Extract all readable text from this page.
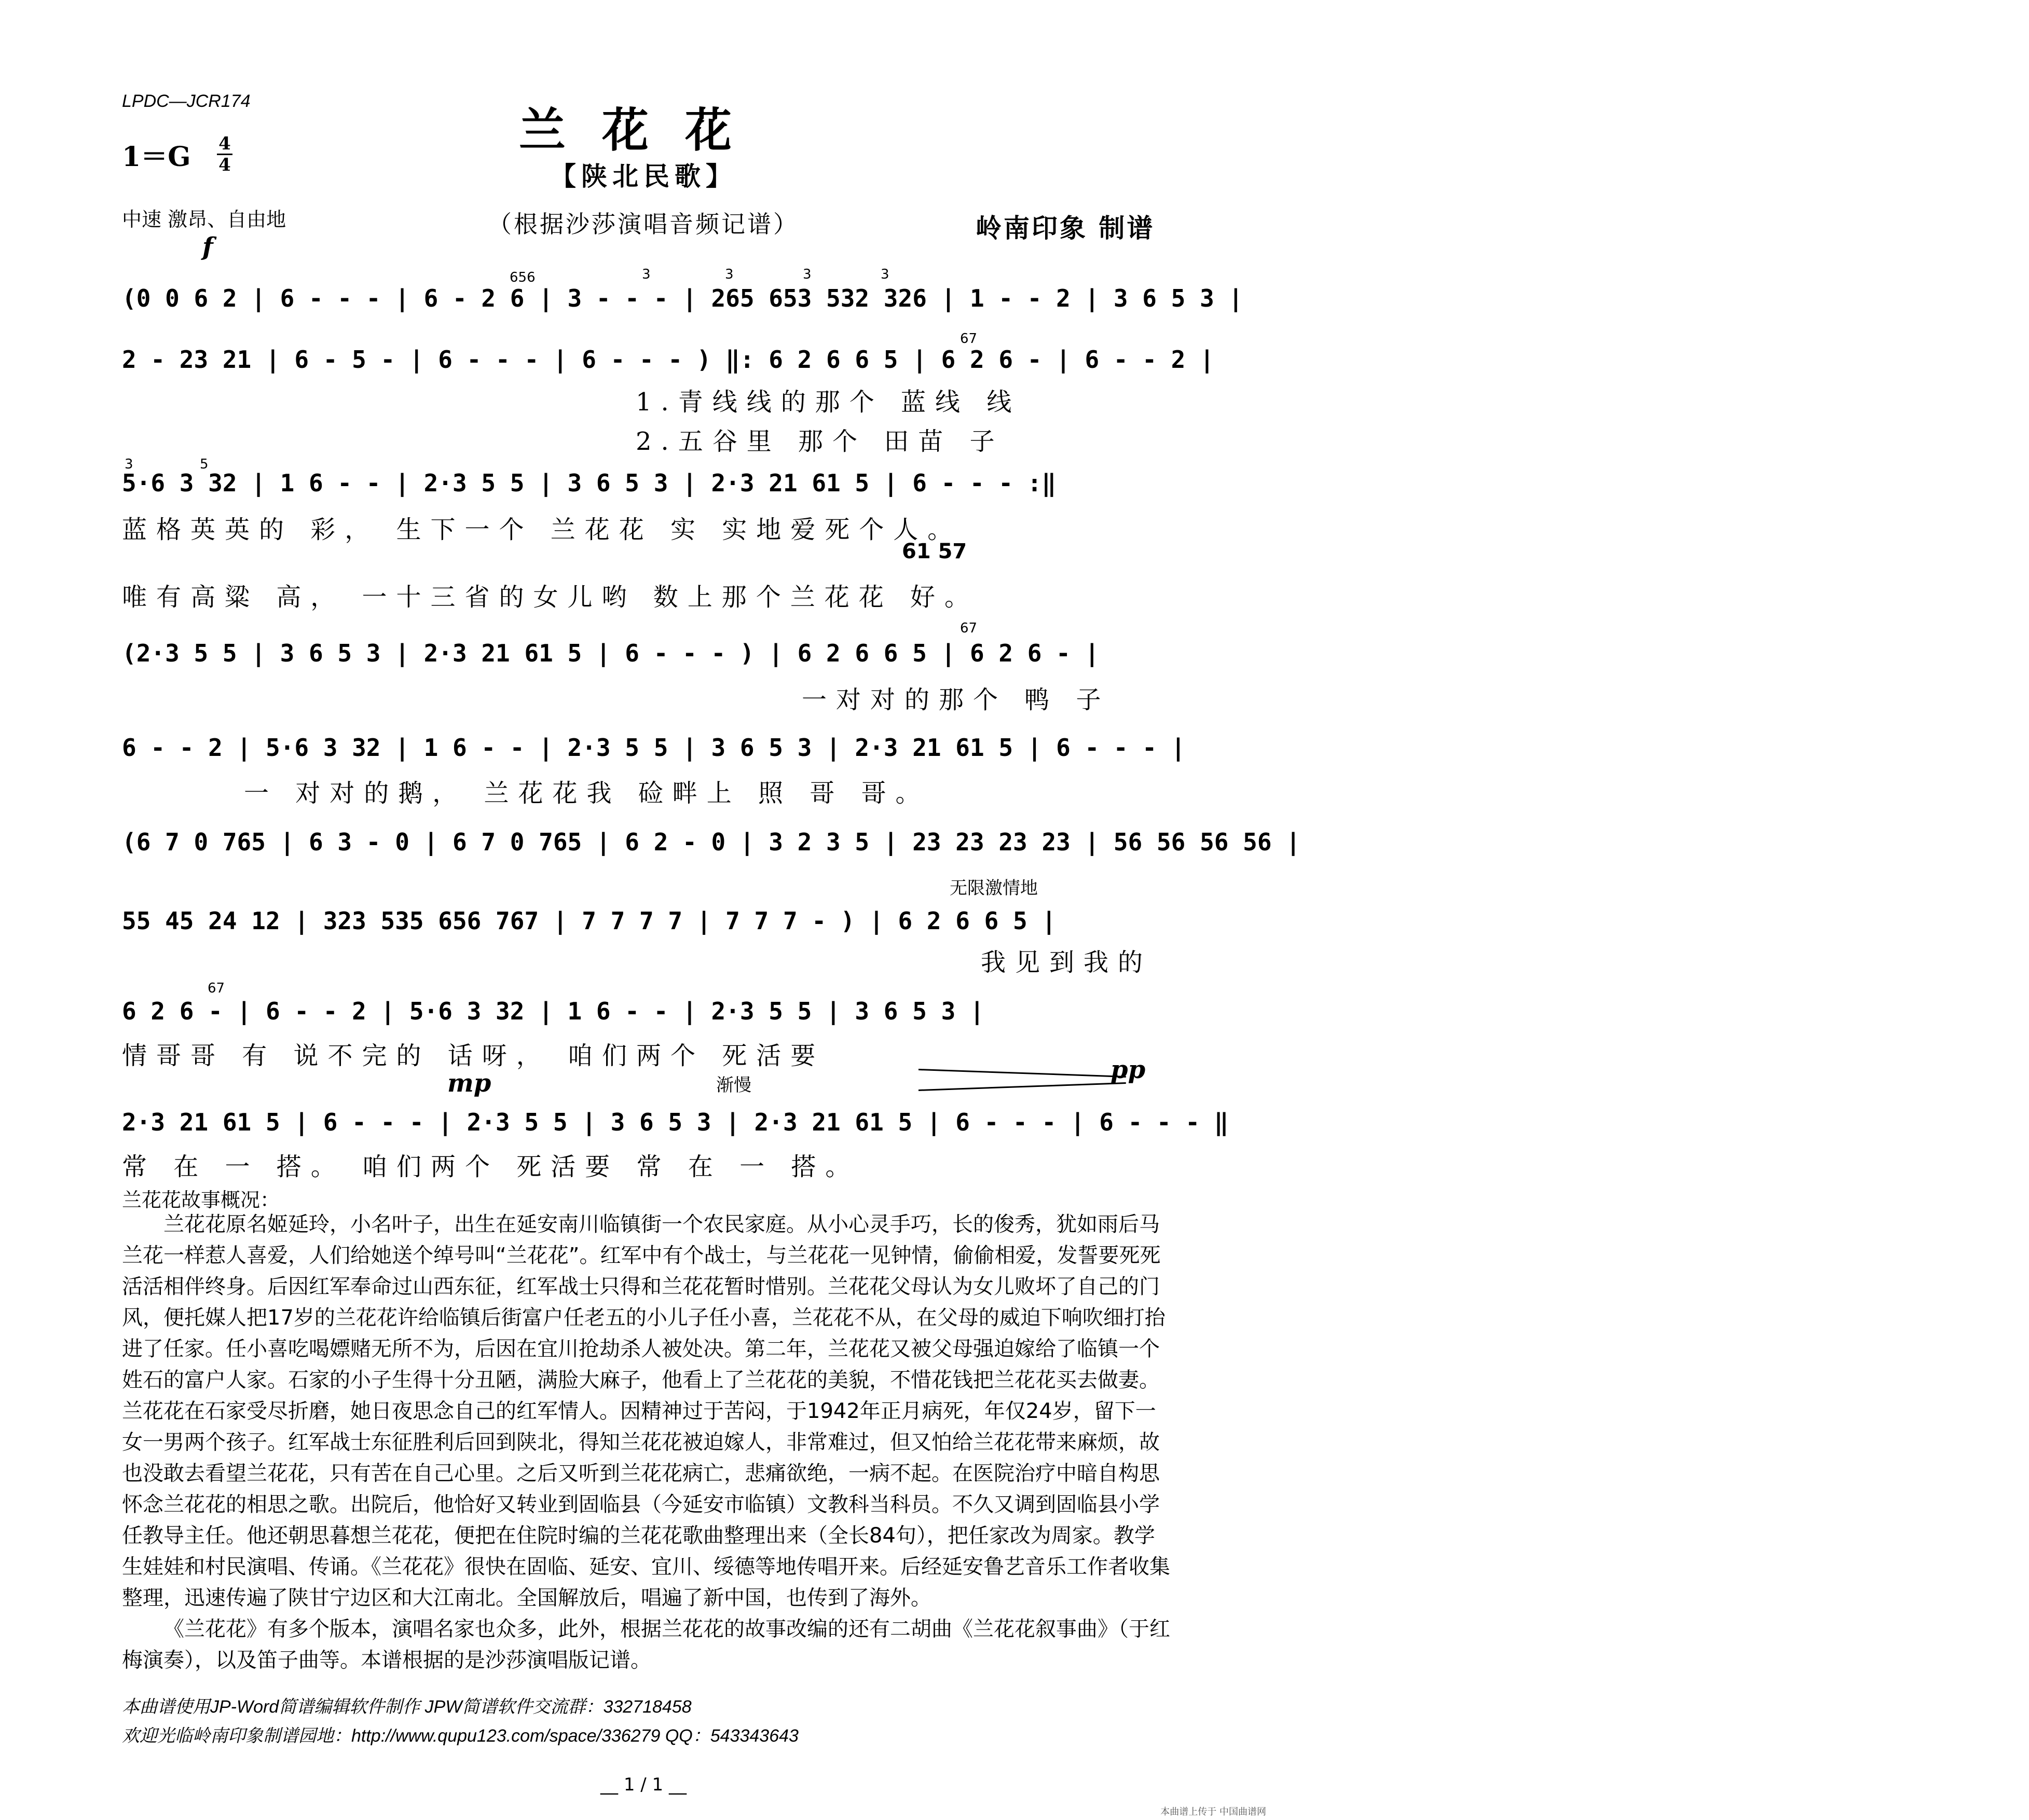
LPDC—JCR174
兰花花
1＝G 4
4	【陕北民歌】
中速 激昂、自由地	（根据沙莎演唱音频记谱）	岭南印象 制谱
f
656	3	3	3	3
(0 0 6 2 | 6 - - - | 6 - 2 6 | 3 - - - | 265 653 532 326 | 1 - - 2 | 3 6 5 3 |
67
2 - 23 21 | 6 - 5 - | 6 - - - | 6 - - - ) ‖: 6 2 6 6 5 | 6 2 6 - | 6 - - 2 |
1.青线线的那个 蓝线 线
2.五谷里 那个 田苗 子
3	5
5·6 3 32 | 1 6 - - | 2·3 5 5 | 3 6 5 3 | 2·3 21 61 5 | 6 - - - :‖
蓝格英英的 彩， 生下一个 兰花花 实 实地爱死个人。
61 57
唯有高粱 高， 一十三省的女儿哟 数上那个兰花花 好。
67
(2·3 5 5 | 3 6 5 3 | 2·3 21 61 5 | 6 - - - ) | 6 2 6 6 5 | 6 2 6 - |
一对对的那个 鸭 子
6 - - 2 | 5·6 3 32 | 1 6 - - | 2·3 5 5 | 3 6 5 3 | 2·3 21 61 5 | 6 - - - |
一 对对的鹅， 兰花花我 硷畔上 照 哥 哥。
(6 7 0 765 | 6 3 - 0 | 6 7 0 765 | 6 2 - 0 | 3 2 3 5 | 23 23 23 23 | 56 56 56 56 |
无限激情地
55 45 24 12 | 323 535 656 767 | 7 7 7 7 | 7 7 7 - ) | 6 2 6 6 5 |
我见到我的
67
6 2 6 - | 6 - - 2 | 5·6 3 32 | 1 6 - - | 2·3 5 5 | 3 6 5 3 |
情哥哥 有 说不完的 话呀， 咱们两个 死活要
mp	渐慢
pp
2·3 21 61 5 | 6 - - - | 2·3 5 5 | 3 6 5 3 | 2·3 21 61 5 | 6 - - - | 6 - - - ‖
常 在 一 搭。 咱们两个 死活要 常 在 一 搭。
兰花花故事概况：

兰花花原名姬延玲，小名叶子，出生在延安南川临镇街一个农民家庭。从小心灵手巧，长的俊秀，犹如雨后马兰花一样惹人喜爱，人们给她送个绰号叫“兰花花”。红军中有个战士，与兰花花一见钟情，偷偷相爱，发誓要死死活活相伴终身。后因红军奉命过山西东征，红军战士只得和兰花花暂时惜别。兰花花父母认为女儿败坏了自己的门风，便托媒人把17岁的兰花花许给临镇后街富户任老五的小儿子任小喜，兰花花不从，在父母的威迫下响吹细打抬进了任家。任小喜吃喝嫖赌无所不为，后因在宜川抢劫杀人被处决。第二年，兰花花又被父母强迫嫁给了临镇一个姓石的富户人家。石家的小子生得十分丑陋，满脸大麻子，他看上了兰花花的美貌，不惜花钱把兰花花买去做妻。兰花花在石家受尽折磨，她日夜思念自己的红军情人。因精神过于苦闷，于1942年正月病死，年仅24岁，留下一女一男两个孩子。红军战士东征胜利后回到陕北，得知兰花花被迫嫁人，非常难过，但又怕给兰花花带来麻烦，故也没敢去看望兰花花，只有苦在自己心里。之后又听到兰花花病亡，悲痛欲绝，一病不起。在医院治疗中暗自构思怀念兰花花的相思之歌。出院后，他恰好又转业到固临县（今延安市临镇）文教科当科员。不久又调到固临县小学任教导主任。他还朝思暮想兰花花，便把在住院时编的兰花花歌曲整理出来（全长84句），把任家改为周家。教学生娃娃和村民演唱、传诵。《兰花花》很快在固临、延安、宜川、绥德等地传唱开来。后经延安鲁艺音乐工作者收集整理，迅速传遍了陕甘宁边区和大江南北。全国解放后，唱遍了新中国，也传到了海外。

《兰花花》有多个版本，演唱名家也众多，此外，根据兰花花的故事改编的还有二胡曲《兰花花叙事曲》（于红梅演奏），以及笛子曲等。本谱根据的是沙莎演唱版记谱。

本曲谱使用JP-Word简谱编辑软件制作 JPW简谱软件交流群：332718458
欢迎光临岭南印象制谱园地：http://www.qupu123.com/space/336279 QQ：543343643
__ 1 / 1 __
本曲谱上传于 中国曲谱网
